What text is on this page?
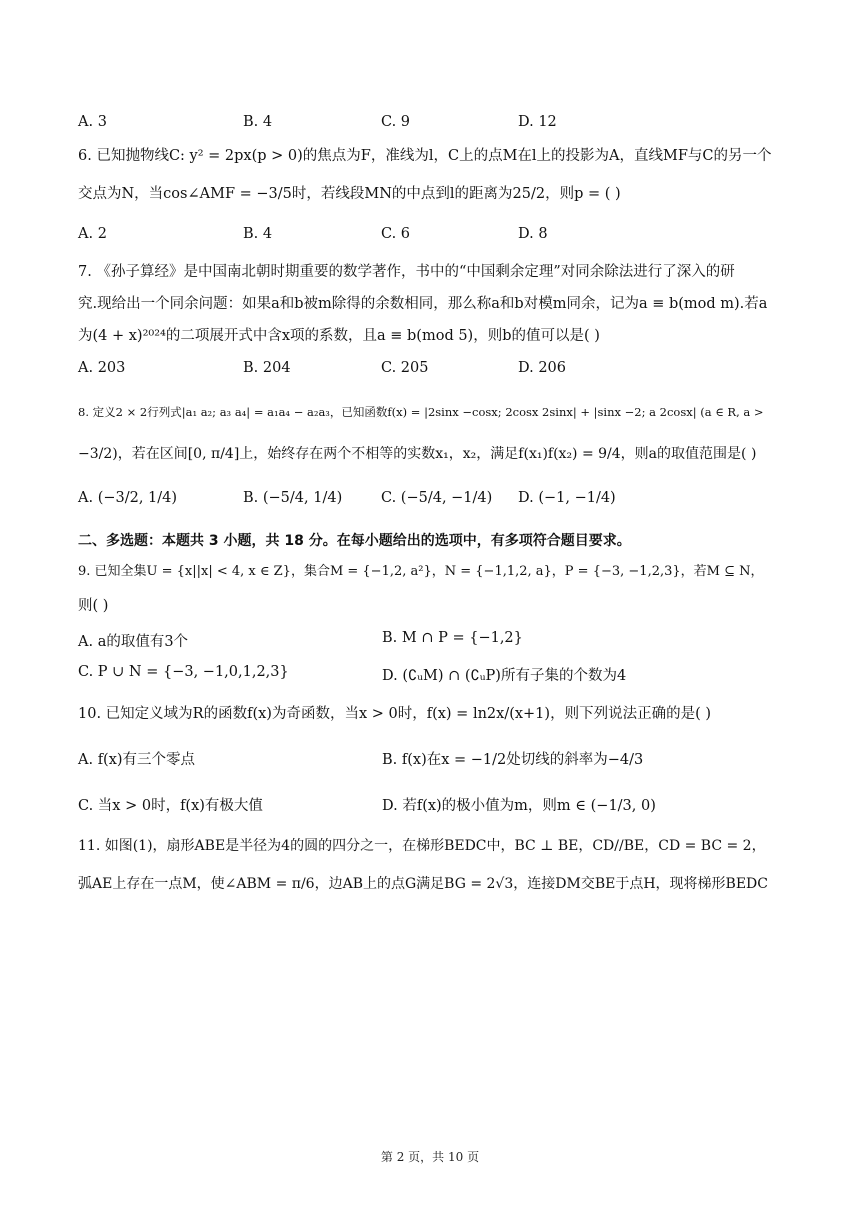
A. 3	B. 4	C. 9	D. 12
6. 已知抛物线C: y² = 2px(p > 0)的焦点为F，准线为l，C上的点M在l上的投影为A，直线MF与C的另一个
交点为N，当cos∠AMF = −3/5时，若线段MN的中点到l的距离为25/2，则p = ( )
A. 2	B. 4	C. 6	D. 8
7. 《孙子算经》是中国南北朝时期重要的数学著作，书中的“中国剩余定理”对同余除法进行了深入的研
究.现给出一个同余问题：如果a和b被m除得的余数相同，那么称a和b对模m同余，记为a ≡ b(mod m).若a
为(4 + x)²⁰²⁴的二项展开式中含x项的系数，且a ≡ b(mod 5)，则b的值可以是( )
A. 203	B. 204	C. 205	D. 206
8. 定义2 × 2行列式|a₁ a₂; a₃ a₄| = a₁a₄ − a₂a₃，已知函数f(x) = |2sinx −cosx; 2cosx 2sinx| + |sinx −2; a 2cosx| (a ∈ R, a >
−3/2)，若在区间[0, π/4]上，始终存在两个不相等的实数x₁，x₂，满足f(x₁)f(x₂) = 9/4，则a的取值范围是( )
A. (−3/2, 1/4)	B. (−5/4, 1/4)	C. (−5/4, −1/4) D. (−1, −1/4)
二、多选题：本题共 3 小题，共 18 分。在每小题给出的选项中，有多项符合题目要求。
9. 已知全集U = {x||x| < 4, x ∈ Z}，集合M = {−1,2, a²}，N = {−1,1,2, a}，P = {−3, −1,2,3}，若M ⊆ N，
则( )
A. a的取值有3个	B. M ∩ P = {−1,2}
C. P ∪ N = {−3, −1,0,1,2,3}	D. (∁ᵤM) ∩ (∁ᵤP)所有子集的个数为4
10. 已知定义域为R的函数f(x)为奇函数，当x > 0时，f(x) = ln2x/(x+1)，则下列说法正确的是( )
A. f(x)有三个零点	B. f(x)在x = −1/2处切线的斜率为−4/3
C. 当x > 0时，f(x)有极大值	D. 若f(x)的极小值为m，则m ∈ (−1/3, 0)
11. 如图(1)，扇形ABE是半径为4的圆的四分之一，在梯形BEDC中，BC ⊥ BE，CD//BE，CD = BC = 2，
弧AE上存在一点M，使∠ABM = π/6，边AB上的点G满足BG = 2√3，连接DM交BE于点H，现将梯形BEDC
第 2 页，共 10 页
